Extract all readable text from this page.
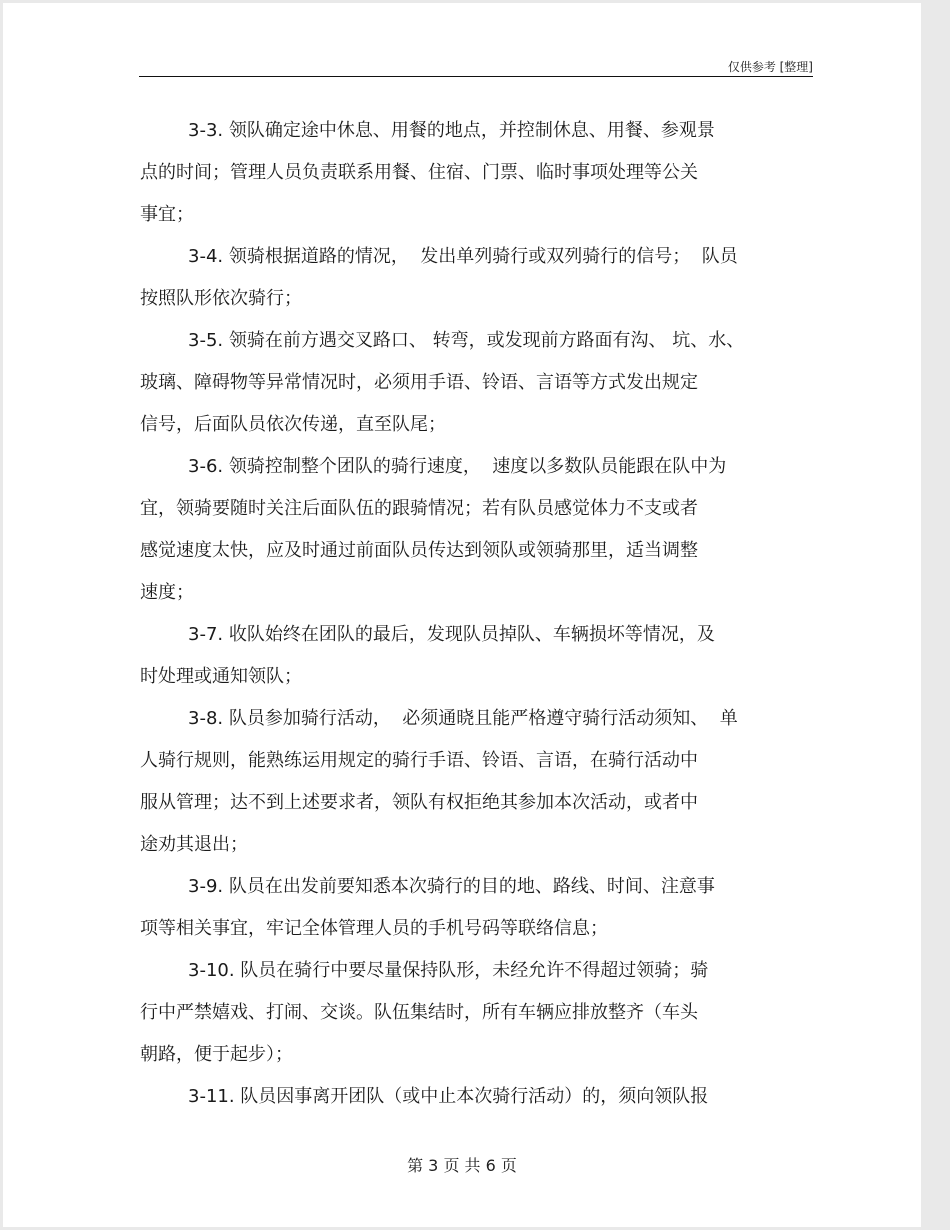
仅供参考 [整理]
3-3. 领队确定途中休息、用餐的地点，并控制休息、用餐、参观景
点的时间；管理人员负责联系用餐、住宿、门票、临时事项处理等公关
事宜；
3-4. 领骑根据道路的情况，  发出单列骑行或双列骑行的信号；  队员
按照队形依次骑行；
3-5. 领骑在前方遇交叉路口、 转弯，或发现前方路面有沟、 坑、水、
玻璃、障碍物等异常情况时，必须用手语、铃语、言语等方式发出规定
信号，后面队员依次传递，直至队尾；
3-6. 领骑控制整个团队的骑行速度，  速度以多数队员能跟在队中为
宜，领骑要随时关注后面队伍的跟骑情况；若有队员感觉体力不支或者
感觉速度太快，应及时通过前面队员传达到领队或领骑那里，适当调整
速度；
3-7. 收队始终在团队的最后，发现队员掉队、车辆损坏等情况，及
时处理或通知领队；
3-8. 队员参加骑行活动，  必须通晓且能严格遵守骑行活动须知、  单
人骑行规则，能熟练运用规定的骑行手语、铃语、言语，在骑行活动中
服从管理；达不到上述要求者，领队有权拒绝其参加本次活动，或者中
途劝其退出；
3-9. 队员在出发前要知悉本次骑行的目的地、路线、时间、注意事
项等相关事宜，牢记全体管理人员的手机号码等联络信息；
3-10. 队员在骑行中要尽量保持队形，未经允许不得超过领骑；骑
行中严禁嬉戏、打闹、交谈。队伍集结时，所有车辆应排放整齐（车头
朝路，便于起步）；
3-11. 队员因事离开团队（或中止本次骑行活动）的，须向领队报
第 3 页 共 6 页
